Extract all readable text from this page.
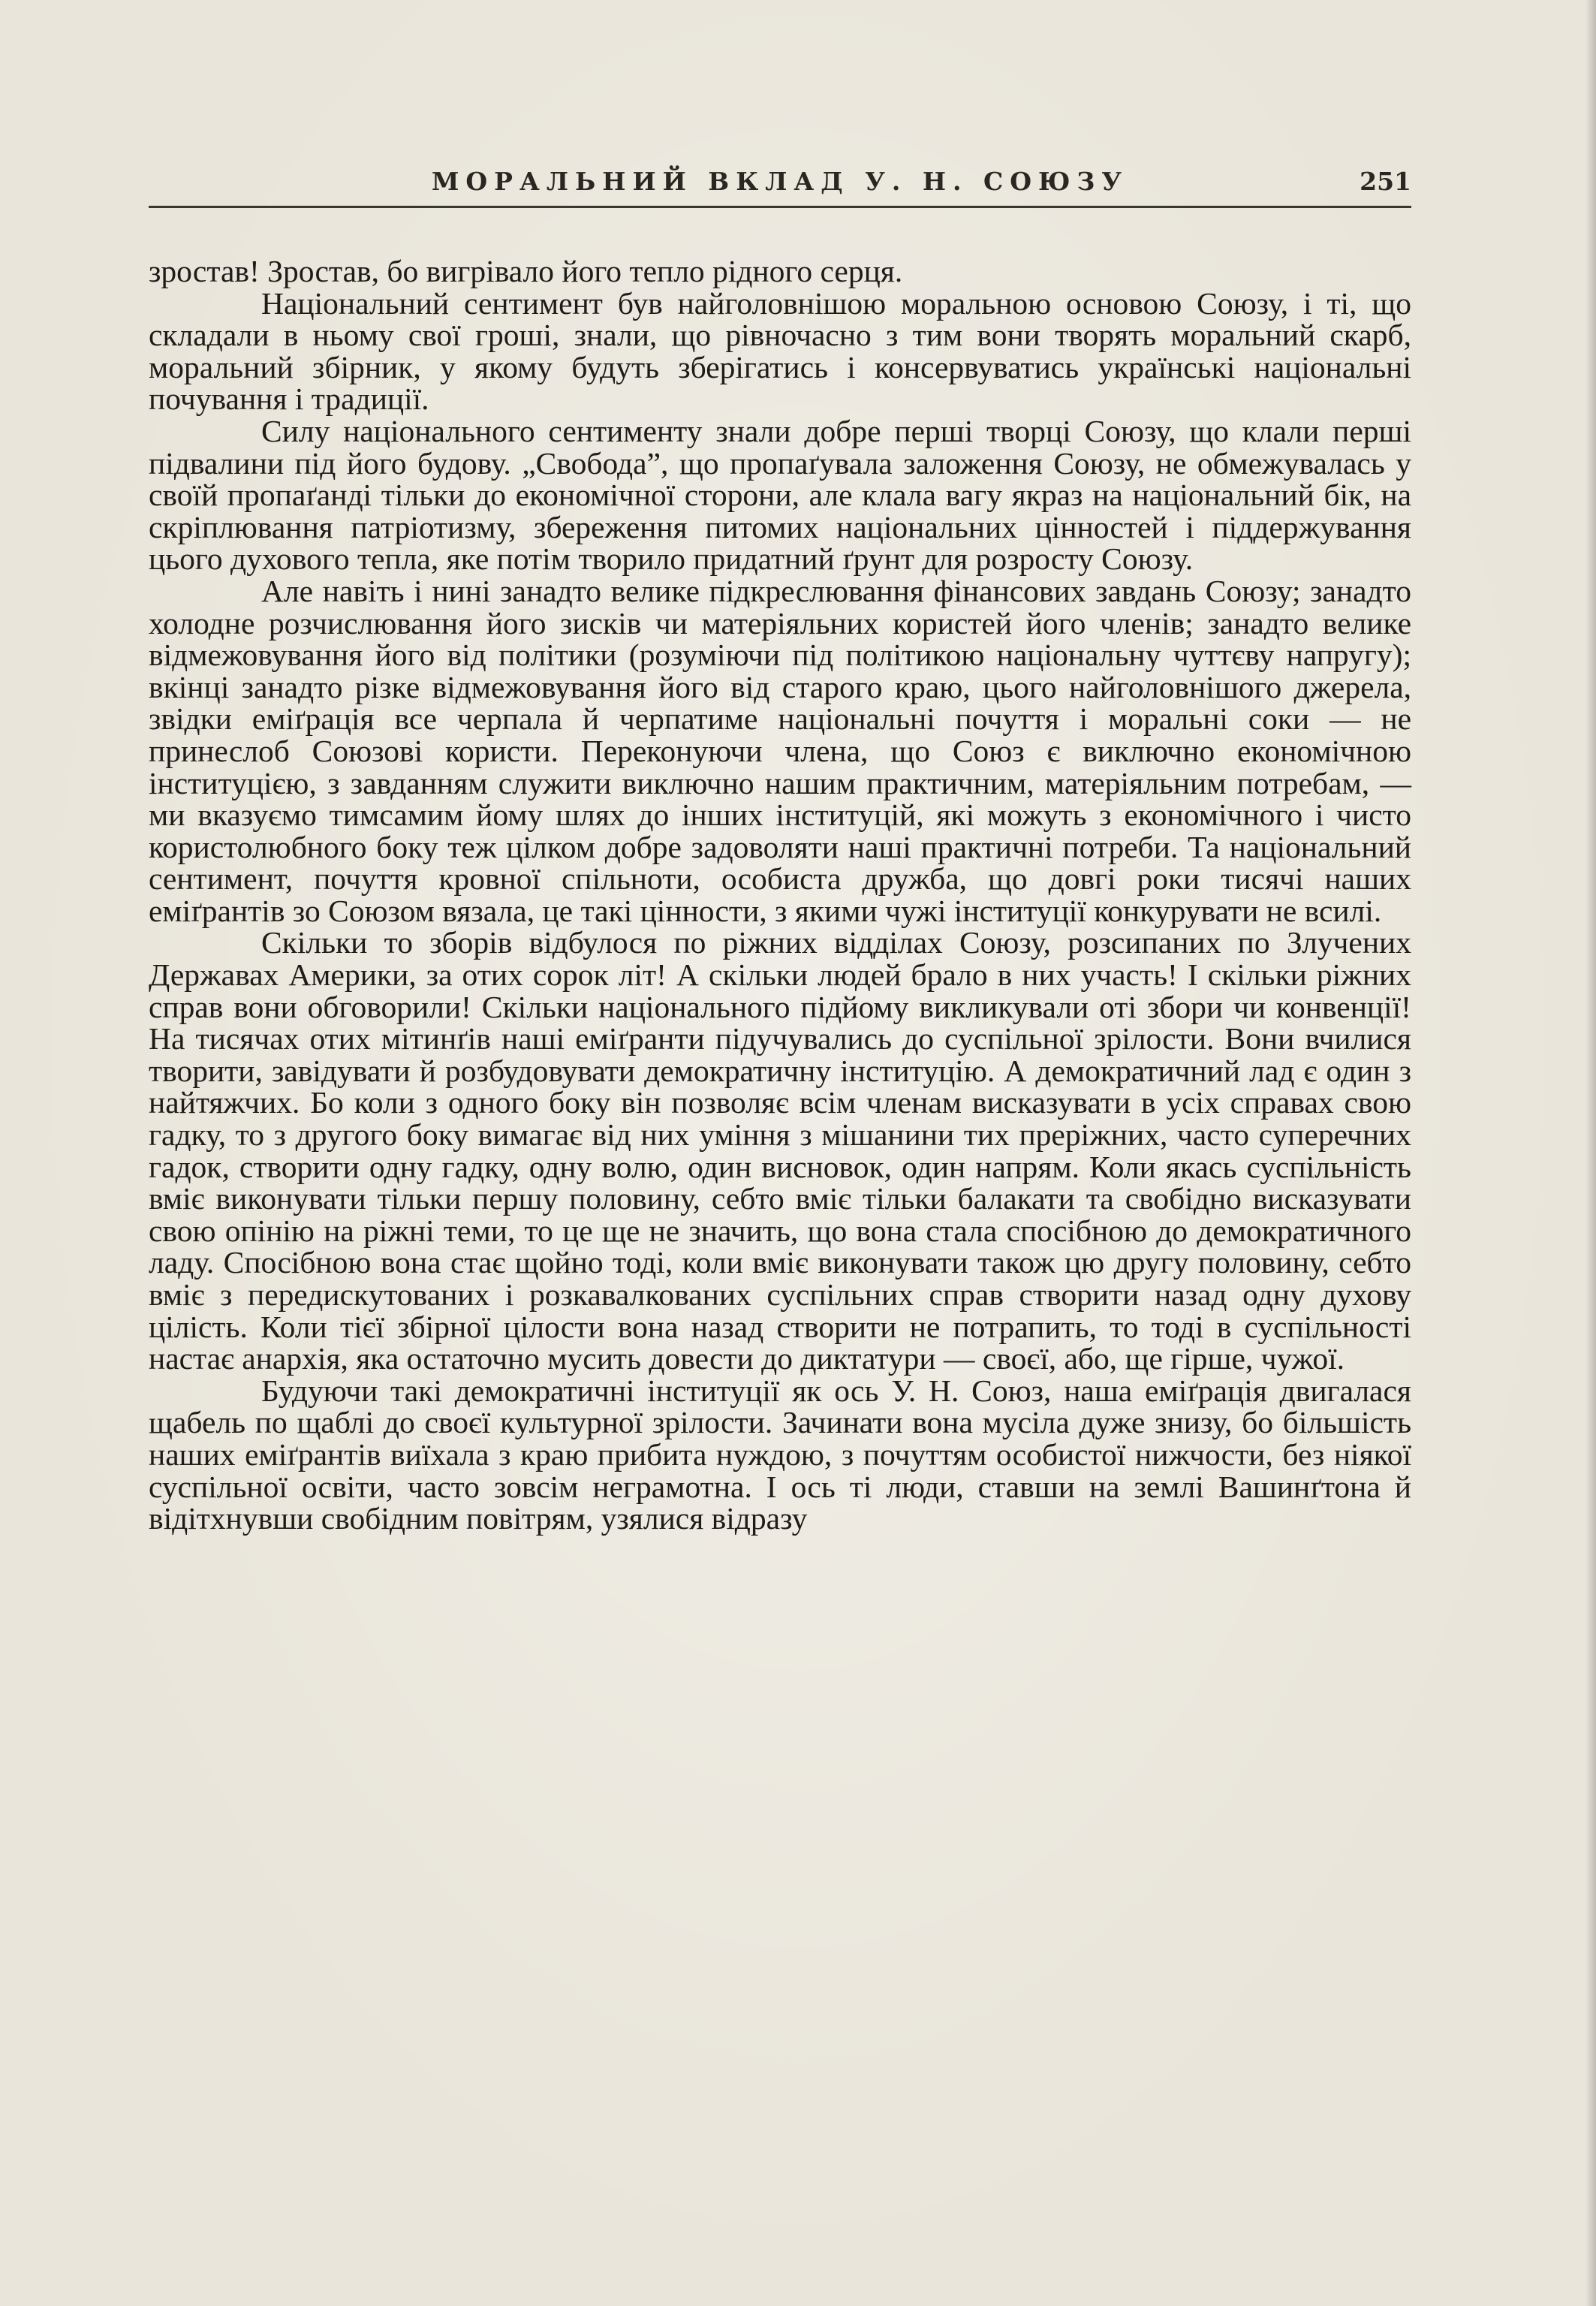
МОРАЛЬНИЙ ВКЛАД У. Н. СОЮЗУ	251

зростав! Зростав, бо вигрівало його тепло рідного серця.

Національний сентимент був найголовнішою моральною основою Союзу, і ті, що складали в ньому свої гроші, знали, що рівночасно з тим вони творять моральний скарб, моральний збірник, у якому будуть зберігатись і консервуватись українські національні почування і традиції.

Силу національного сентименту знали добре перші творці Союзу, що клали перші підвалини під його будову. „Свобода”, що пропаґувала заложення Союзу, не обмежувалась у своїй пропаґанді тільки до економічної сторони, але клала вагу якраз на національний бік, на скріплювання патріотизму, збереження питомих національних цінностей і піддержування цього духового тепла, яке потім творило придатний ґрунт для розросту Союзу.

Але навіть і нині занадто велике підкреслювання фінансових завдань Союзу; занадто холодне розчислювання його зисків чи матеріяльних користей його членів; занадто велике відмежовування його від політики (розуміючи під політикою національну чуттєву напругу); вкінці занадто різке відмежовування його від старого краю, цього найголовнішого джерела, звідки еміґрація все черпала й черпатиме національні почуття і моральні соки — не принеслоб Союзові користи. Переконуючи члена, що Союз є виключно економічною інституцією, з завданням служити виключно нашим практичним, матеріяльним потребам, — ми вказуємо тимсамим йому шлях до інших інституцій, які можуть з економічного і чисто користолюбного боку теж цілком добре задоволяти наші практичні потреби. Та національний сентимент, почуття кровної спільноти, особиста дружба, що довгі роки тисячі наших еміґрантів зо Союзом вязала, це такі цінности, з якими чужі інституції конкурувати не всилі.

Скільки то зборів відбулося по ріжних відділах Союзу, розсипаних по Злучених Державах Америки, за отих сорок літ! А скільки людей брало в них участь! І скільки ріжних справ вони обговорили! Скільки національного підйому викликували оті збори чи конвенції! На тисячах отих мітинґів наші еміґранти підучувались до суспільної зрілости. Вони вчилися творити, завідувати й розбудовувати демократичну інституцію. А демократичний лад є один з найтяжчих. Бо коли з одного боку він позволяє всім членам висказувати в усіх справах свою гадку, то з другого боку вимагає від них уміння з мішанини тих преріжних, часто суперечних гадок, створити одну гадку, одну волю, один висновок, один напрям. Коли якась суспільність вміє виконувати тільки першу половину, себто вміє тільки балакати та свобідно висказувати свою опінію на ріжні теми, то це ще не значить, що вона стала спосібною до демократичного ладу. Спосібною вона стає щойно тоді, коли вміє виконувати також цю другу половину, себто вміє з передискутованих і розкавалкованих суспільних справ створити назад одну духову цілість. Коли тієї збірної цілости вона назад створити не потрапить, то тоді в суспільності настає анархія, яка остаточно мусить довести до диктатури — своєї, або, ще гірше, чужої.

Будуючи такі демократичні інституції як ось У. Н. Союз, наша еміґрація двигалася щабель по щаблі до своєї культурної зрілости. Зачинати вона мусіла дуже знизу, бо більшість наших еміґрантів виїхала з краю прибита нуждою, з почуттям особистої нижчости, без ніякої суспільної освіти, часто зовсім неграмотна. І ось ті люди, ставши на землі Вашинґтона й відітхнувши свобідним повітрям, узялися відразу
